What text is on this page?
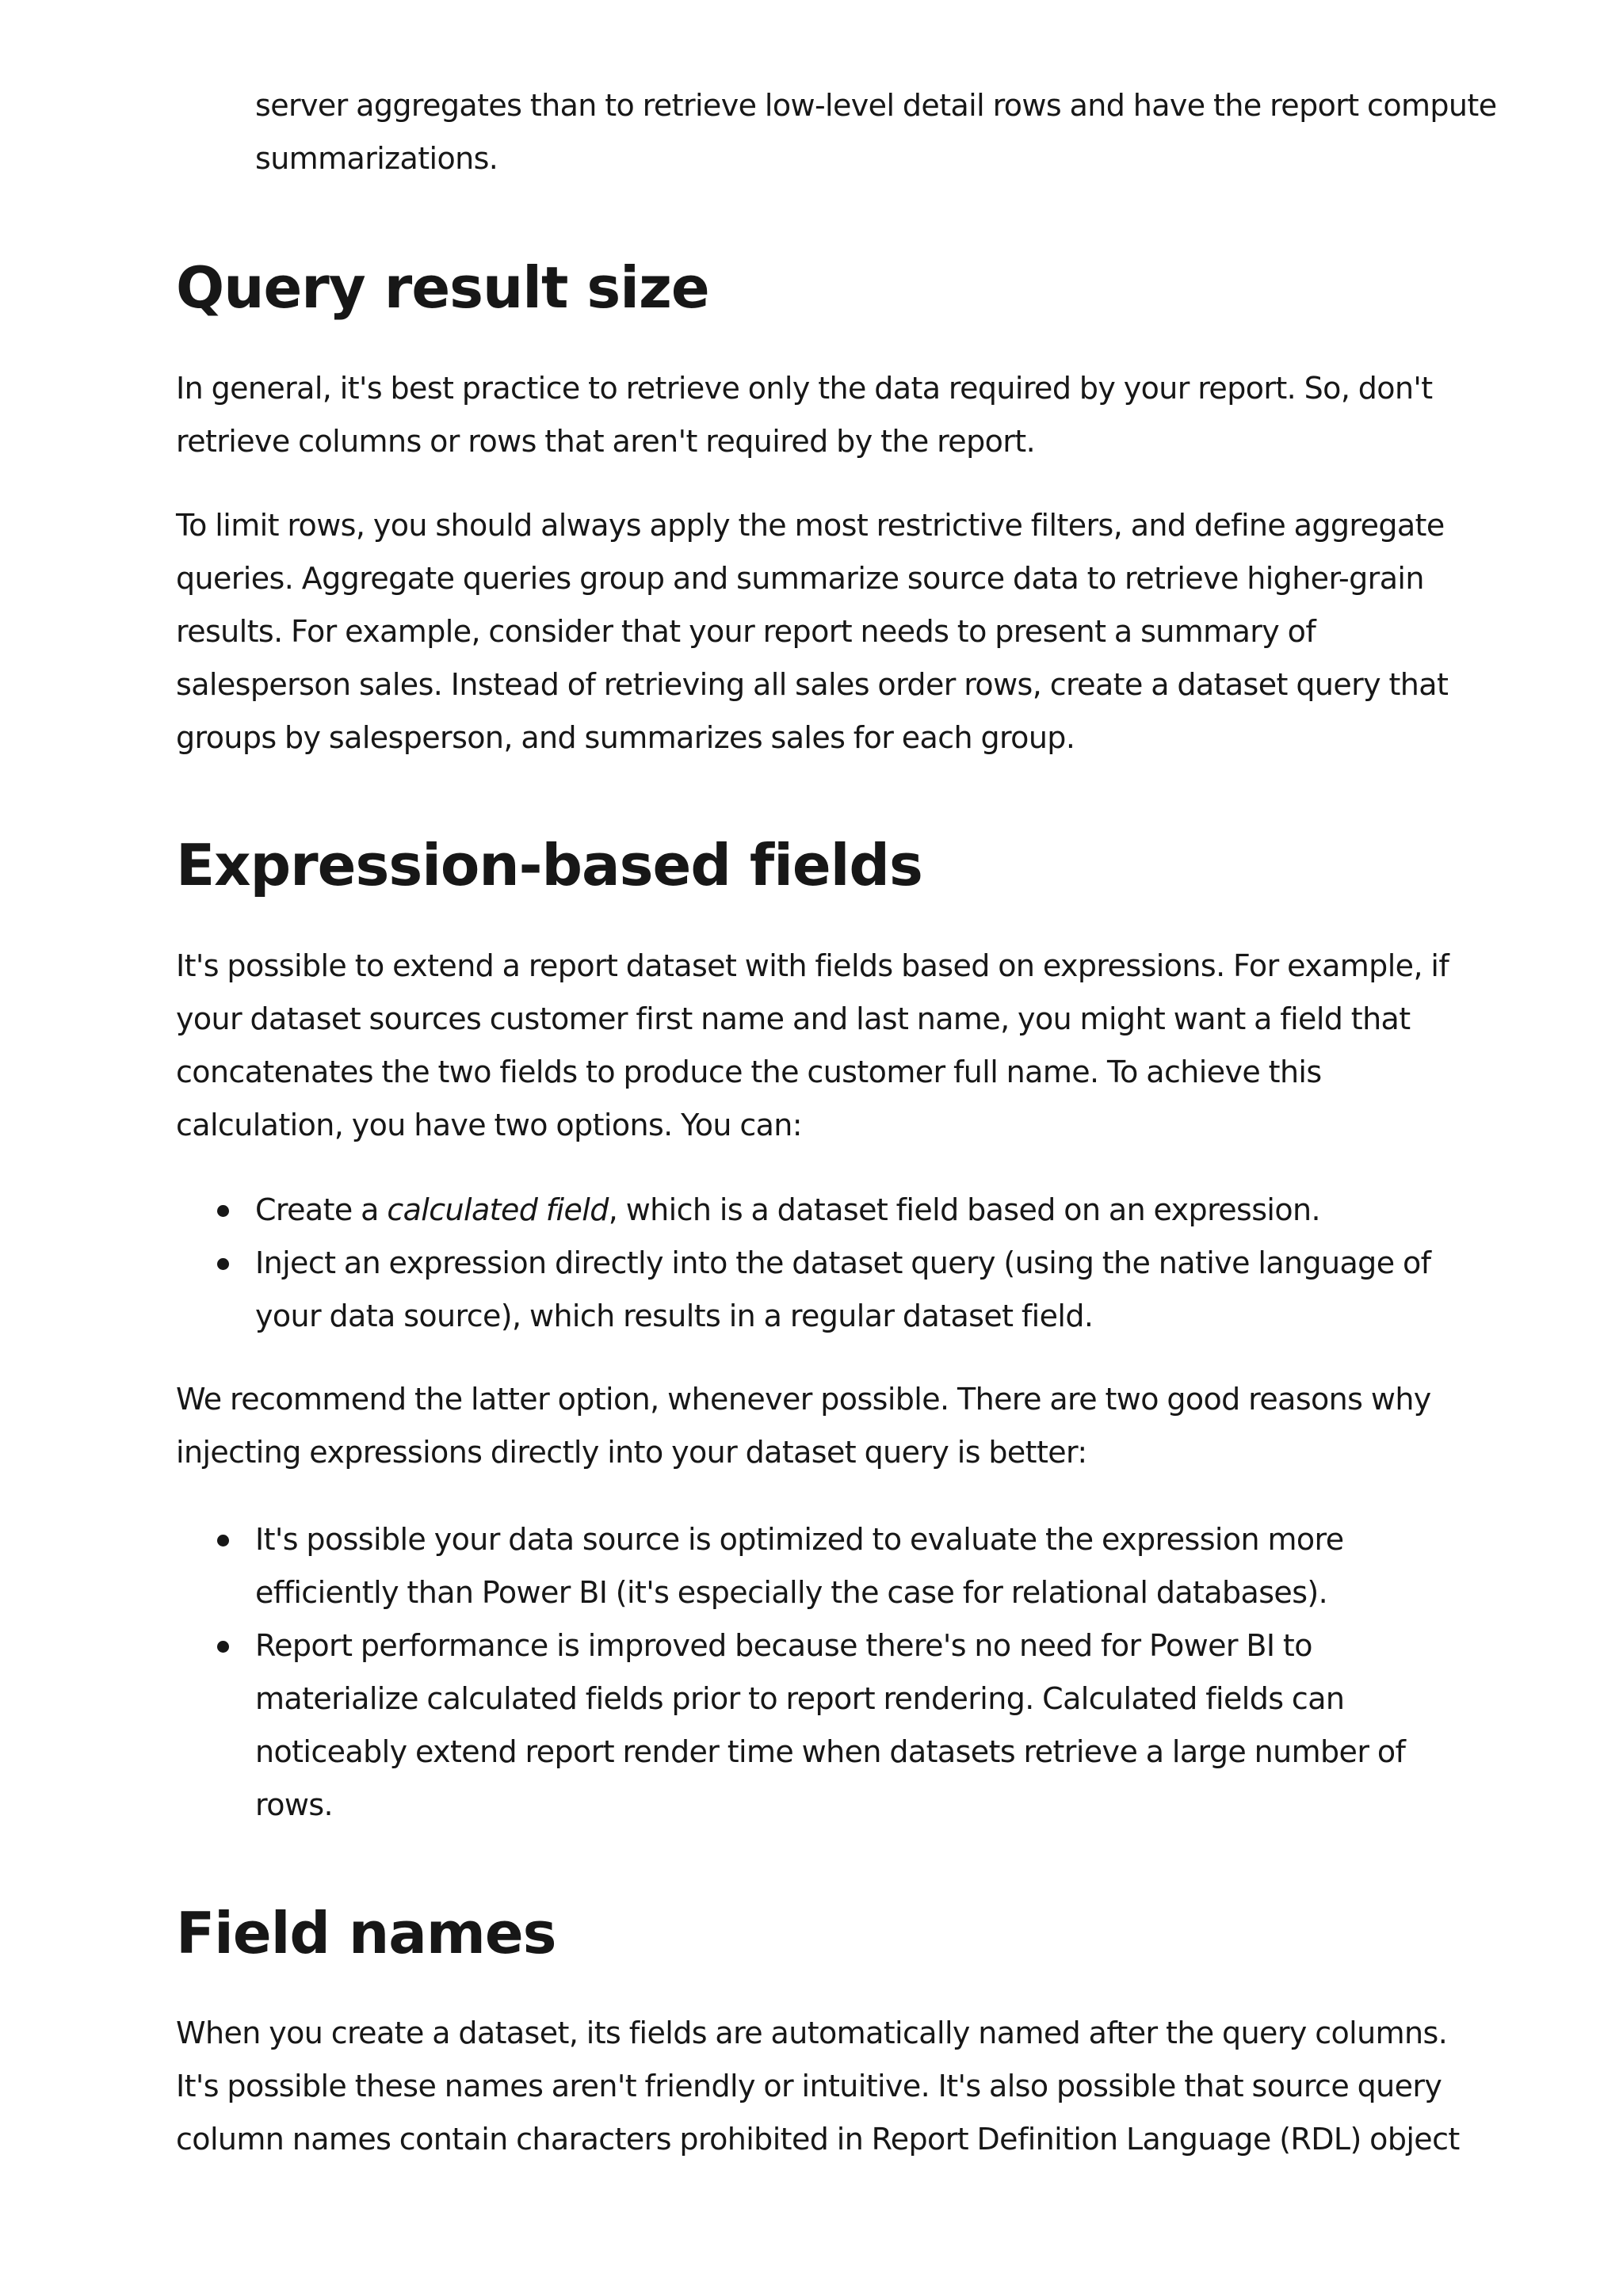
server aggregates than to retrieve low-level detail rows and have the report compute summarizations.

Query result size

In general, it's best practice to retrieve only the data required by your report. So, don't retrieve columns or rows that aren't required by the report.

To limit rows, you should always apply the most restrictive filters, and define aggregate queries. Aggregate queries group and summarize source data to retrieve higher-grain results. For example, consider that your report needs to present a summary of salesperson sales. Instead of retrieving all sales order rows, create a dataset query that groups by salesperson, and summarizes sales for each group.

Expression-based fields

It's possible to extend a report dataset with fields based on expressions. For example, if your dataset sources customer first name and last name, you might want a field that concatenates the two fields to produce the customer full name. To achieve this calculation, you have two options. You can:

Create a calculated field, which is a dataset field based on an expression.
Inject an expression directly into the dataset query (using the native language of your data source), which results in a regular dataset field.

We recommend the latter option, whenever possible. There are two good reasons why injecting expressions directly into your dataset query is better:

It's possible your data source is optimized to evaluate the expression more efficiently than Power BI (it's especially the case for relational databases).
Report performance is improved because there's no need for Power BI to materialize calculated fields prior to report rendering. Calculated fields can noticeably extend report render time when datasets retrieve a large number of rows.
Field names

When you create a dataset, its fields are automatically named after the query columns. It's possible these names aren't friendly or intuitive. It's also possible that source query column names contain characters prohibited in Report Definition Language (RDL) object
